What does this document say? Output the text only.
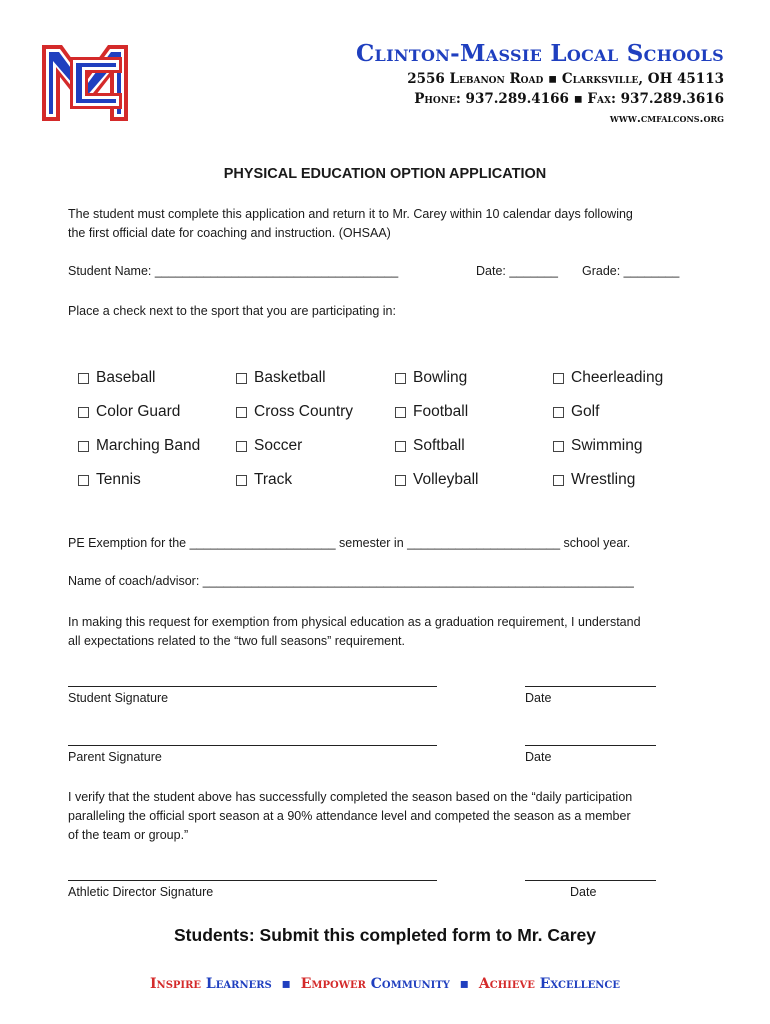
Clinton-Massie Local Schools
2556 Lebanon Road ▪ Clarksville, OH 45113
Phone: 937.289.4166 ▪ Fax: 937.289.3616
www.cmfalcons.org
PHYSICAL EDUCATION OPTION APPLICATION
The student must complete this application and return it to Mr. Carey within 10 calendar days following
the first official date for coaching and instruction. (OHSAA)
Student Name: ___________________________________	Date: _______ Grade: ________
Place a check next to the sport that you are participating in:
Baseball	Basketball	Bowling	Cheerleading
Color Guard	Cross Country	Football	Golf
Marching Band	Soccer	Softball	Swimming
Tennis	Track	Volleyball	Wrestling
PE Exemption for the _____________________ semester in ______________________ school year.
Name of coach/advisor: ______________________________________________________________
In making this request for exemption from physical education as a graduation requirement, I understand
all expectations related to the “two full seasons” requirement.
Student Signature	Date
Parent Signature	Date
I verify that the student above has successfully completed the season based on the “daily participation
paralleling the official sport season at a 90% attendance level and competed the season as a member
of the team or group.”
Athletic Director Signature	Date
Students: Submit this completed form to Mr. Carey
Inspire Learners ▪ Empower Community ▪ Achieve Excellence
